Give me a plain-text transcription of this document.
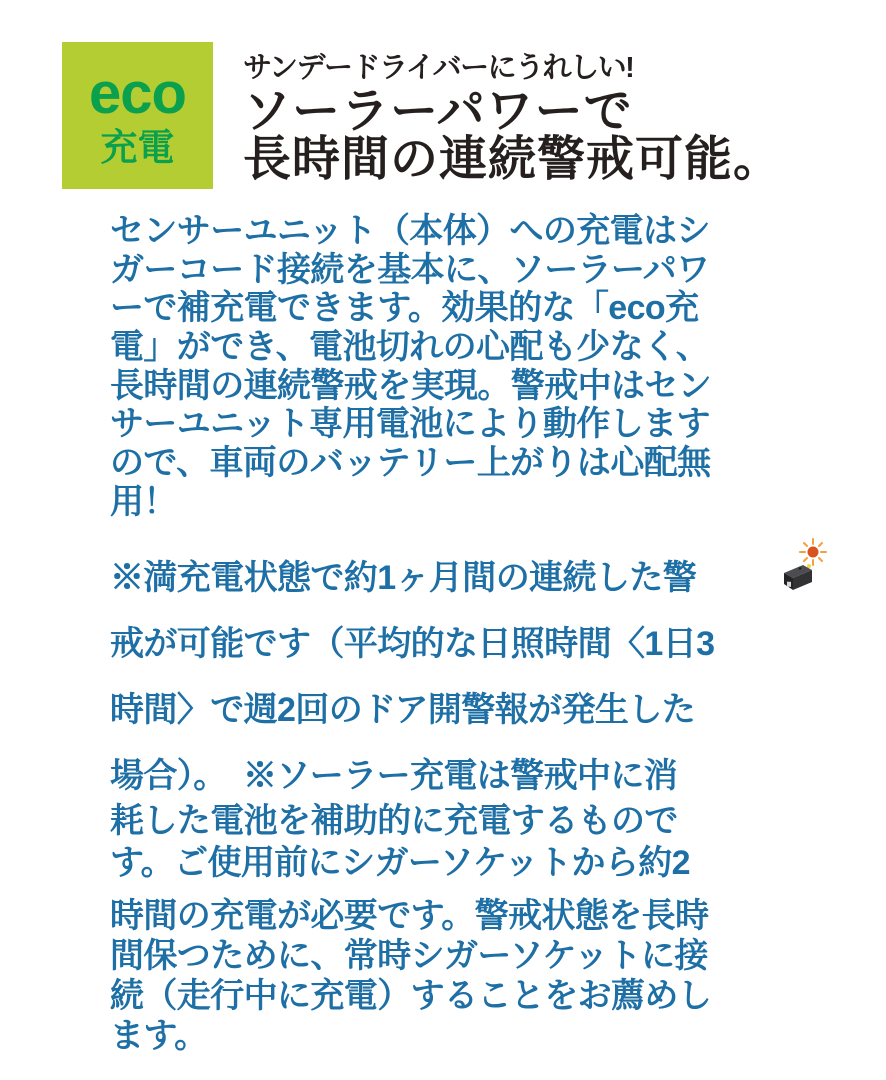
eco
充電
サンデードライバーにうれしい!
ソーラーパワーで
長時間の連続警戒可能。
センサーユニット（本体）への充電はシ
ガーコード接続を基本に、ソーラーパワ
ーで補充電できます。効果的な「eco充
電」ができ、電池切れの心配も少なく、
長時間の連続警戒を実現。警戒中はセン
サーユニット専用電池により動作します
ので、車両のバッテリー上がりは心配無
用！
※満充電状態で約1ヶ月間の連続した警
戒が可能です（平均的な日照時間〈1日3
時間〉で週2回のドア開警報が発生した
場合）。　※ソーラー充電は警戒中に消
耗した電池を補助的に充電するもので
す。ご使用前にシガーソケットから約2
時間の充電が必要です。警戒状態を長時
間保つために、常時シガーソケットに接
続（走行中に充電）することをお薦めし
ます。
